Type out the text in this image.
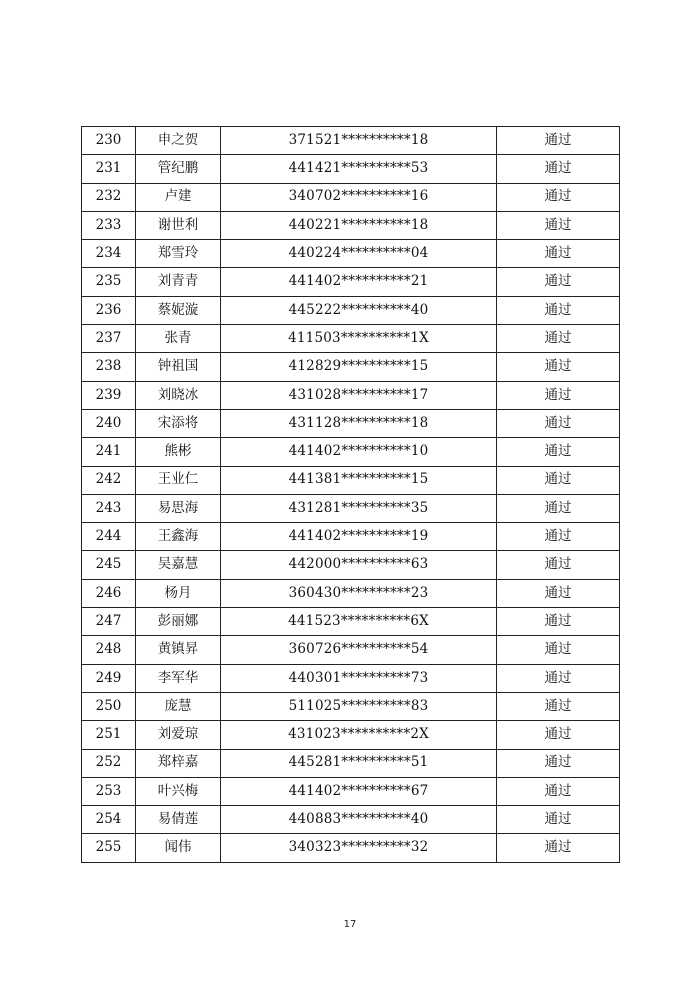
230	申之贺	371521**********18	通过
231	管纪鹏	441421**********53	通过
232	卢建	340702**********16	通过
233	谢世利	440221**********18	通过
234	郑雪玲	440224**********04	通过
235	刘青青	441402**********21	通过
236	蔡妮漩	445222**********40	通过
237	张青	411503**********1X	通过
238	钟祖国	412829**********15	通过
239	刘晓冰	431028**********17	通过
240	宋添将	431128**********18	通过
241	熊彬	441402**********10	通过
242	王业仁	441381**********15	通过
243	易思海	431281**********35	通过
244	王鑫海	441402**********19	通过
245	吴嘉慧	442000**********63	通过
246	杨月	360430**********23	通过
247	彭丽娜	441523**********6X	通过
248	黄镇昇	360726**********54	通过
249	李军华	440301**********73	通过
250	庞慧	511025**********83	通过
251	刘爱琼	431023**********2X	通过
252	郑梓嘉	445281**********51	通过
253	叶兴梅	441402**********67	通过
254	易倩莲	440883**********40	通过
255	闻伟	340323**********32	通过
17
